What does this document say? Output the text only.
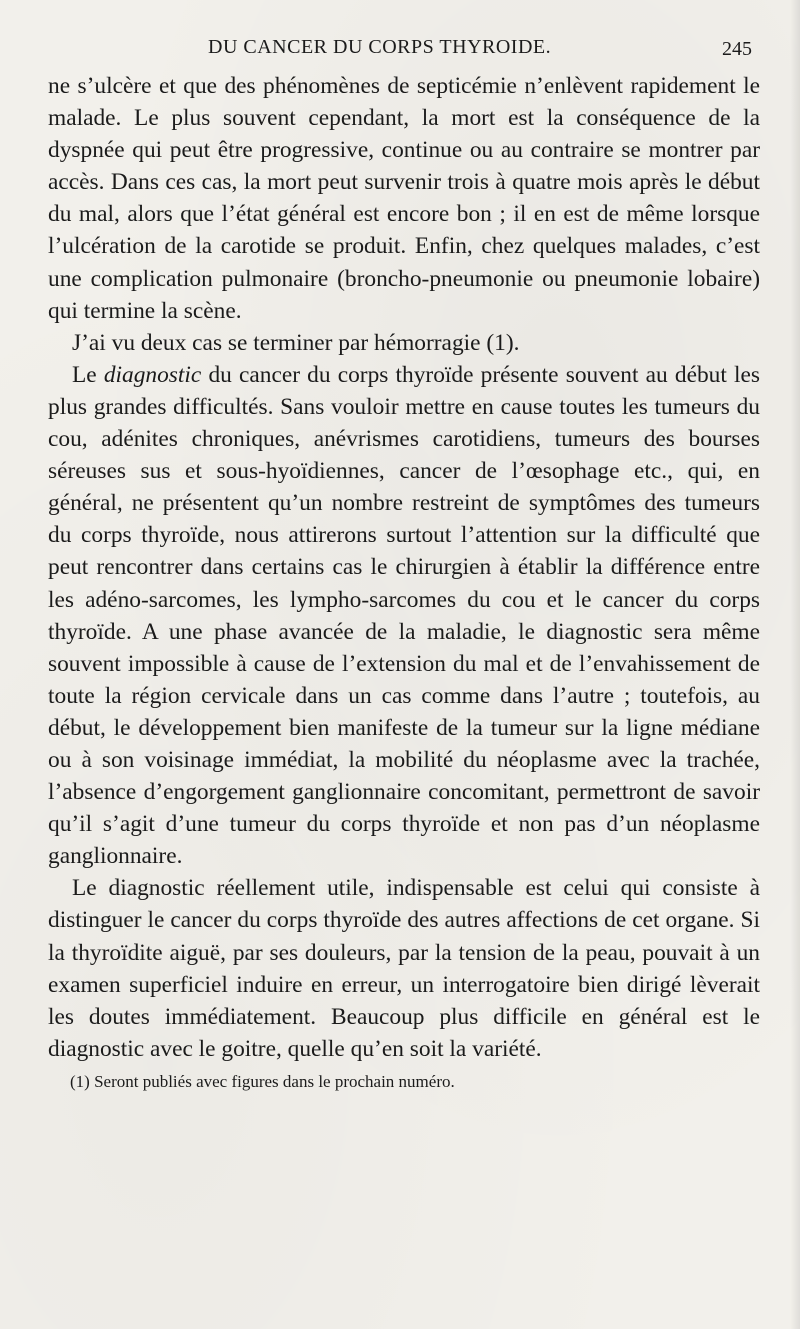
DU CANCER DU CORPS THYROIDE.	245

ne s’ulcère et que des phénomènes de septicémie n’enlèvent rapidement le malade. Le plus souvent cependant, la mort est la conséquence de la dyspnée qui peut être progressive, continue ou au contraire se montrer par accès. Dans ces cas, la mort peut survenir trois à quatre mois après le début du mal, alors que l’état général est encore bon ; il en est de même lorsque l’ulcération de la carotide se produit. Enfin, chez quelques malades, c’est une complication pulmonaire (broncho-pneumonie ou pneumonie lobaire) qui termine la scène.

J’ai vu deux cas se terminer par hémorragie (1).

Le diagnostic du cancer du corps thyroïde présente souvent au début les plus grandes difficultés. Sans vouloir mettre en cause toutes les tumeurs du cou, adénites chroniques, anévrismes carotidiens, tumeurs des bourses séreuses sus et sous-hyoïdiennes, cancer de l’œsophage etc., qui, en général, ne présentent qu’un nombre restreint de symptômes des tumeurs du corps thyroïde, nous attirerons surtout l’attention sur la difficulté que peut rencontrer dans certains cas le chirurgien à établir la différence entre les adéno-sarcomes, les lympho-sarcomes du cou et le cancer du corps thyroïde. A une phase avancée de la maladie, le diagnostic sera même souvent impossible à cause de l’extension du mal et de l’envahissement de toute la région cervicale dans un cas comme dans l’autre ; toutefois, au début, le développement bien manifeste de la tumeur sur la ligne médiane ou à son voisinage immédiat, la mobilité du néoplasme avec la trachée, l’absence d’engorgement ganglionnaire concomitant, permettront de savoir qu’il s’agit d’une tumeur du corps thyroïde et non pas d’un néoplasme ganglionnaire.

Le diagnostic réellement utile, indispensable est celui qui consiste à distinguer le cancer du corps thyroïde des autres affections de cet organe. Si la thyroïdite aiguë, par ses douleurs, par la tension de la peau, pouvait à un examen superficiel induire en erreur, un interrogatoire bien dirigé lèverait les doutes immédiatement. Beaucoup plus difficile en général est le diagnostic avec le goitre, quelle qu’en soit la variété.

(1) Seront publiés avec figures dans le prochain numéro.
